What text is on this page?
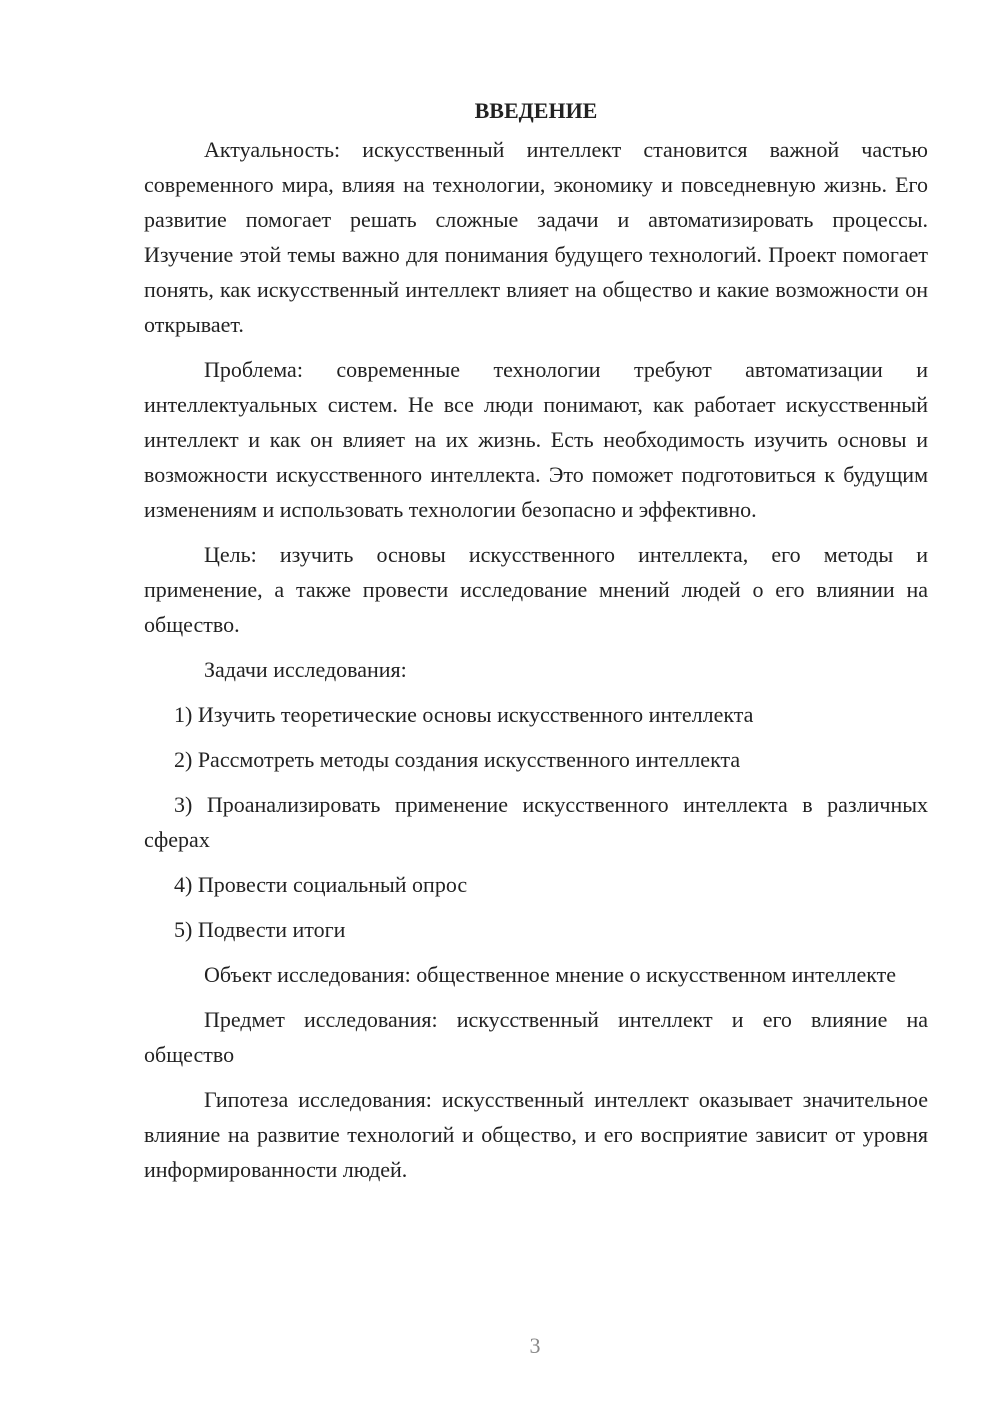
ВВЕДЕНИЕ

Актуальность: искусственный интеллект становится важной частью современного мира, влияя на технологии, экономику и повседневную жизнь. Его развитие помогает решать сложные задачи и автоматизировать процессы. Изучение этой темы важно для понимания будущего технологий. Проект помогает понять, как искусственный интеллект влияет на общество и какие возможности он открывает.

Проблема: современные технологии требуют автоматизации и интеллектуальных систем. Не все люди понимают, как работает искусственный интеллект и как он влияет на их жизнь. Есть необходимость изучить основы и возможности искусственного интеллекта. Это поможет подготовиться к будущим изменениям и использовать технологии безопасно и эффективно.

Цель: изучить основы искусственного интеллекта, его методы и применение, а также провести исследование мнений людей о его влиянии на общество.

Задачи исследования:

1) Изучить теоретические основы искусственного интеллекта

2) Рассмотреть методы создания искусственного интеллекта

3) Проанализировать применение искусственного интеллекта в различных сферах

4) Провести социальный опрос

5) Подвести итоги

Объект исследования: общественное мнение о искусственном интеллекте

Предмет исследования: искусственный интеллект и его влияние на общество

Гипотеза исследования: искусственный интеллект оказывает значительное влияние на развитие технологий и общество, и его восприятие зависит от уровня информированности людей.

3
